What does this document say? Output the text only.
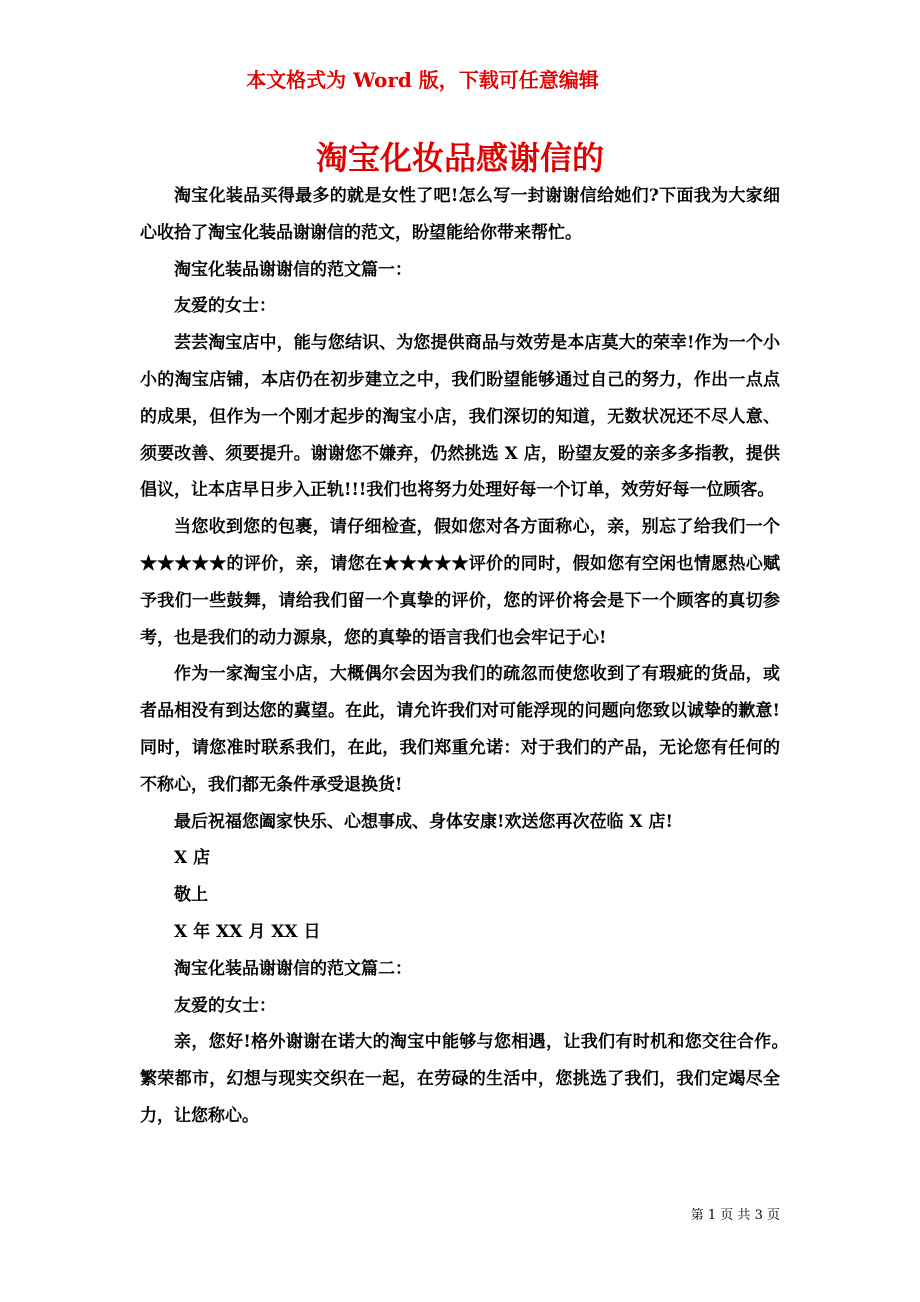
本文格式为 Word 版，下载可任意编辑
淘宝化妆品感谢信的

淘宝化装品买得最多的就是女性了吧!怎么写一封谢谢信给她们?下面我为大家细心收拾了淘宝化装品谢谢信的范文，盼望能给你带来帮忙。

淘宝化装品谢谢信的范文篇一：

友爱的女士：

芸芸淘宝店中，能与您结识、为您提供商品与效劳是本店莫大的荣幸!作为一个小小的淘宝店铺，本店仍在初步建立之中，我们盼望能够通过自己的努力，作出一点点的成果，但作为一个刚才起步的淘宝小店，我们深切的知道，无数状况还不尽人意、须要改善、须要提升。谢谢您不嫌弃，仍然挑选 X 店，盼望友爱的亲多多指教，提供倡议，让本店早日步入正轨!!!我们也将努力处理好每一个订单，效劳好每一位顾客。

当您收到您的包裹，请仔细检查，假如您对各方面称心，亲，别忘了给我们一个★★★★★的评价，亲，请您在★★★★★评价的同时，假如您有空闲也情愿热心赋予我们一些鼓舞，请给我们留一个真挚的评价，您的评价将会是下一个顾客的真切参考，也是我们的动力源泉，您的真挚的语言我们也会牢记于心!

作为一家淘宝小店，大概偶尔会因为我们的疏忽而使您收到了有瑕疵的货品，或者品相没有到达您的冀望。在此，请允许我们对可能浮现的问题向您致以诚挚的歉意!同时，请您准时联系我们，在此，我们郑重允诺：对于我们的产品，无论您有任何的不称心，我们都无条件承受退换货!

最后祝福您阖家快乐、心想事成、身体安康!欢送您再次莅临 X 店!

X 店

敬上

X 年 XX 月 XX 日

淘宝化装品谢谢信的范文篇二：

友爱的女士：

亲，您好!格外谢谢在诺大的淘宝中能够与您相遇，让我们有时机和您交往合作。　繁荣都市，幻想与现实交织在一起，在劳碌的生活中，您挑选了我们，我们定竭尽全　力，让您称心。

第 1 页 共 3 页
